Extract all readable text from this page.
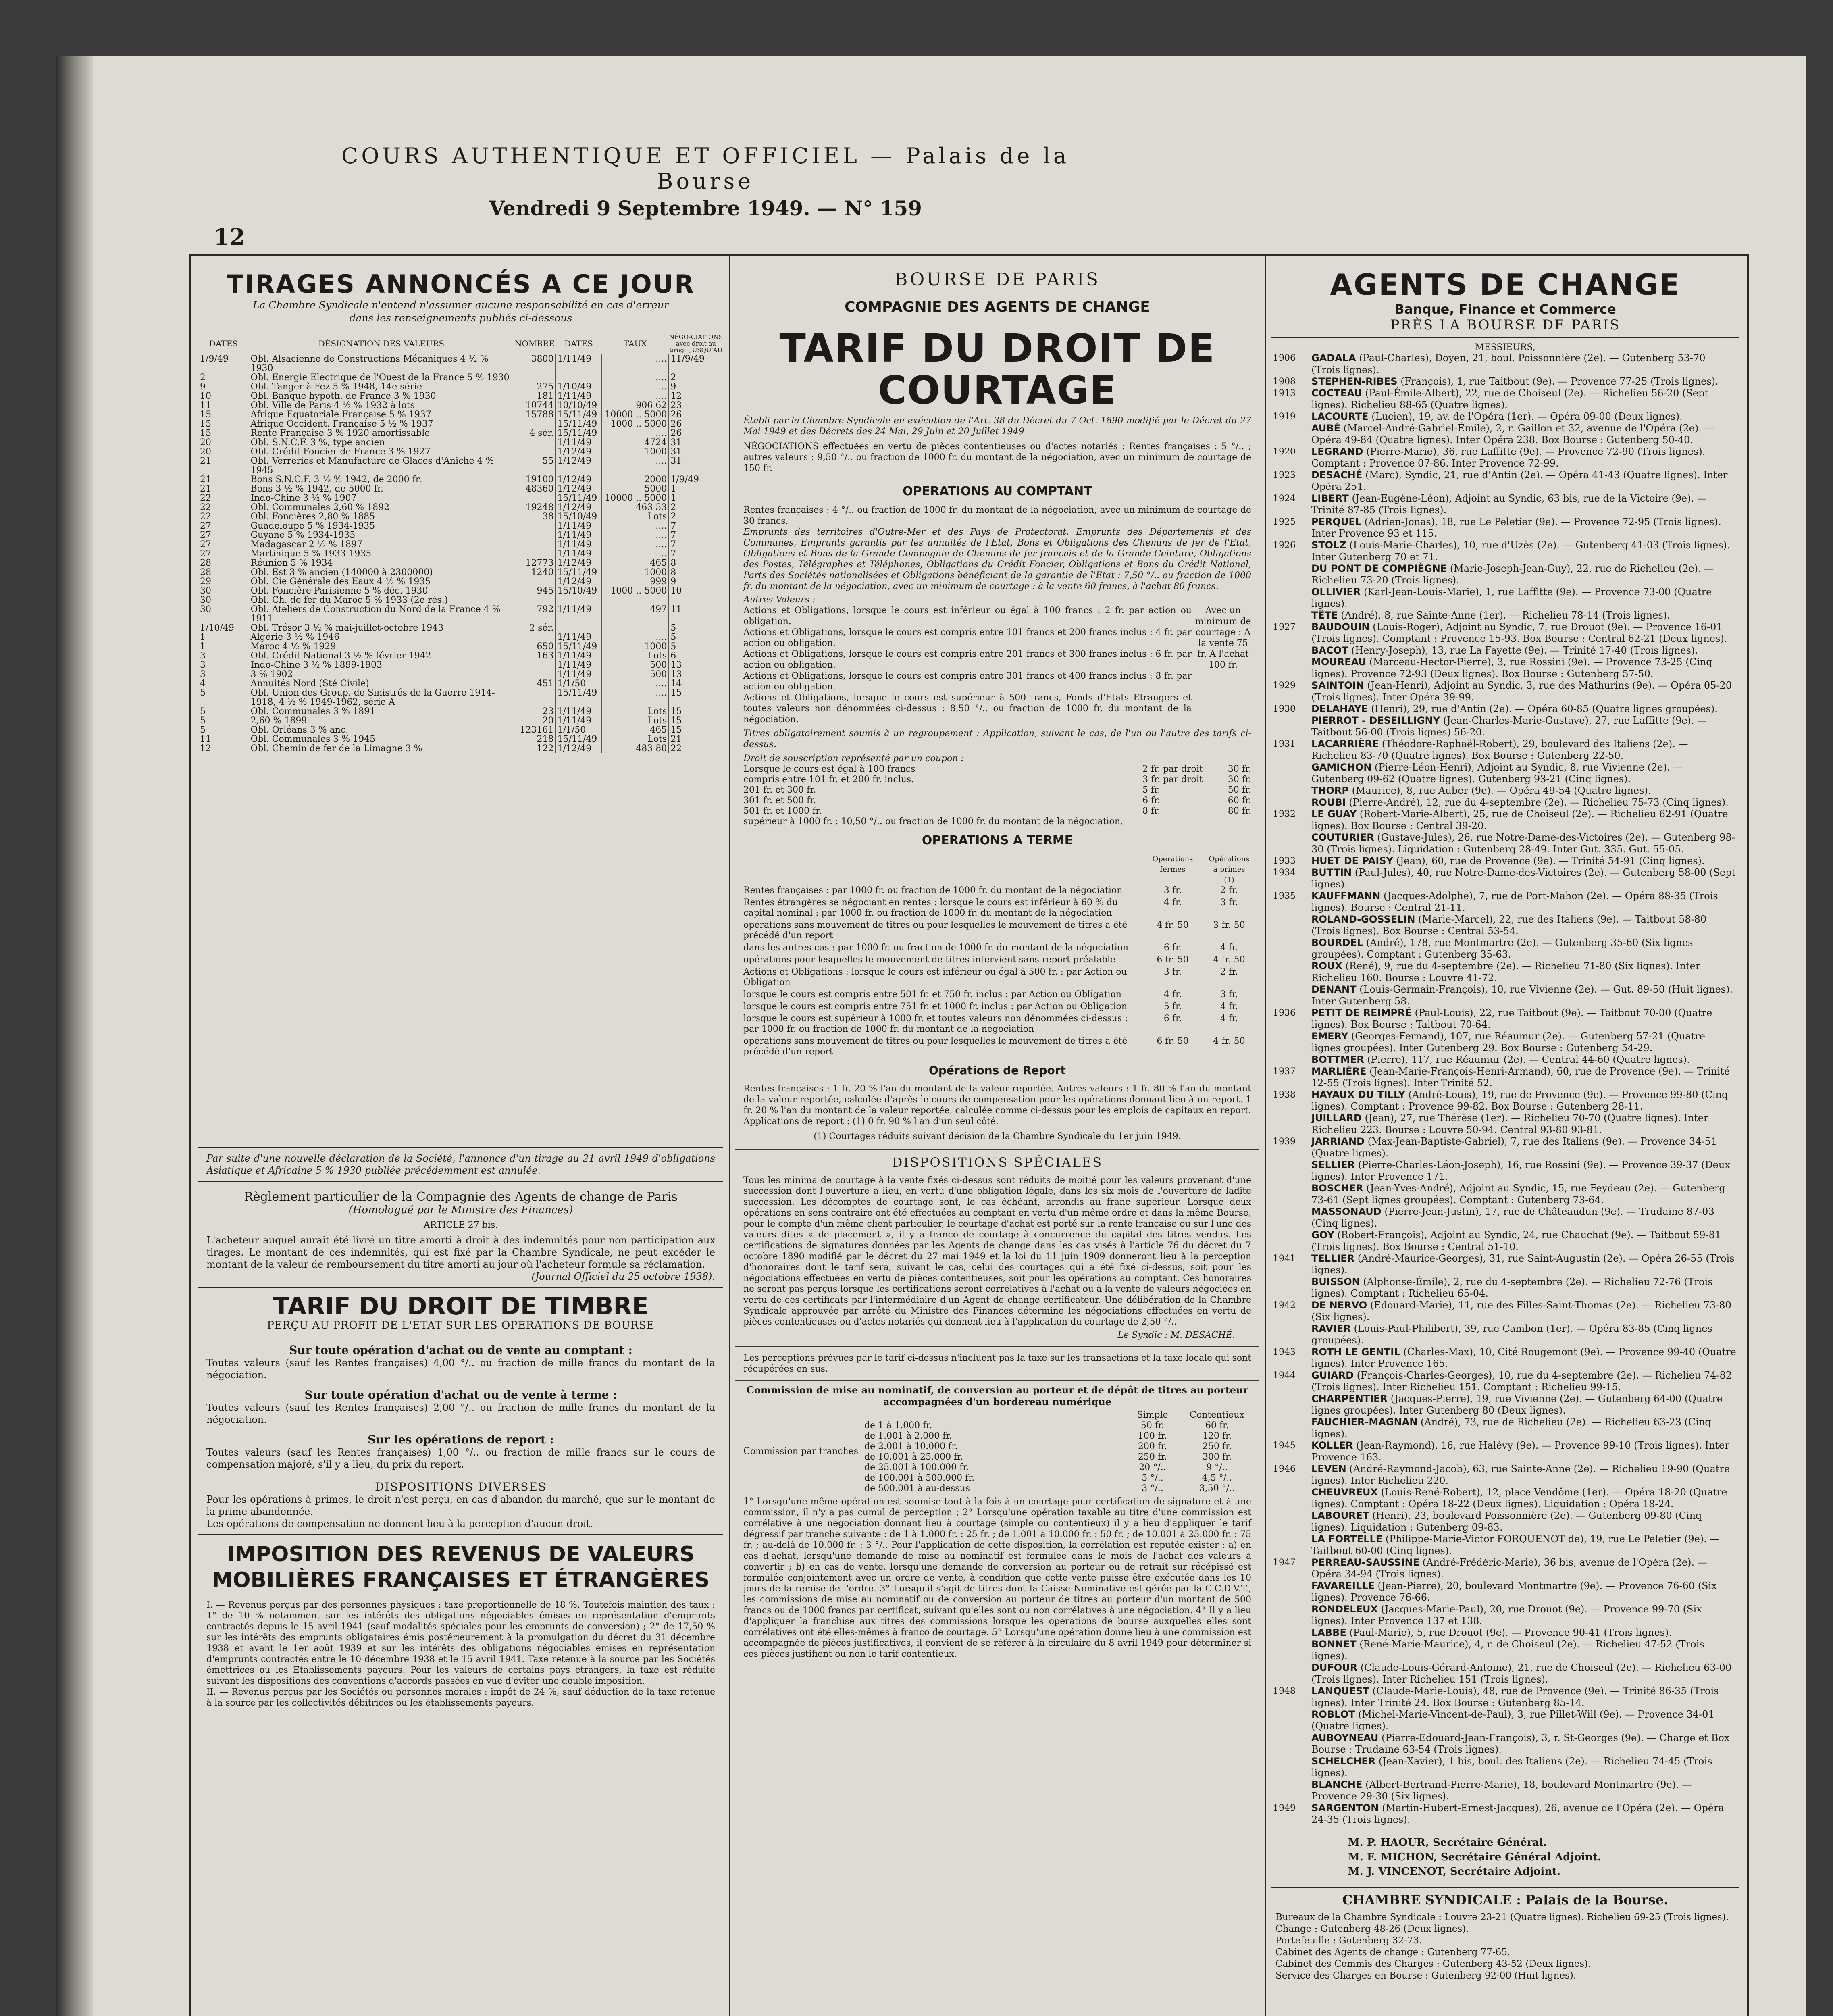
COURS AUTHENTIQUE ET OFFICIEL — Palais de la Bourse
Vendredi 9 Septembre 1949. — N° 159
12
TIRAGES ANNONCÉS A CE JOUR
La Chambre Syndicale n'entend n'assumer aucune responsabilité en cas d'erreur dans les renseignements publiés ci-dessous
DATES	DÉSIGNATION DES VALEURS	NOMBRE	DATES	TAUX	NÉGO-CIATIONS avec droit au tirage JUSQU'AU
1/9/49	Obl. Alsacienne de Constructions Mécaniques 4 ½ % 1930	3800	1/11/49	....	11/9/49
2	Obl. Energie Electrique de l'Ouest de la France 5 % 1930			....	2
9	Obl. Tanger à Fez 5 % 1948, 14e série	275	1/10/49	....	9
10	Obl. Banque hypoth. de France 3 % 1930	181	1/11/49	....	12
11	Obl. Ville de Paris 4 ½ % 1932 à lots	10744	10/10/49	906 62	23
15	Afrique Equatoriale Française 5 % 1937	15788	15/11/49	10000 .. 5000	26
15	Afrique Occident. Française 5 ½ % 1937		15/11/49	1000 .. 5000	26
15	Rente Française 3 % 1920 amortissable	4 sér.	15/11/49	....	26
20	Obl. S.N.C.F. 3 %, type ancien		1/11/49	4724	31
20	Obl. Crédit Foncier de France 3 % 1927		1/12/49	1000	31
21	Obl. Verreries et Manufacture de Glaces d'Aniche 4 % 1945	55	1/12/49	....	31
21	Bons S.N.C.F. 3 ½ % 1942, de 2000 fr.	19100	1/12/49	2000	1/9/49
21	Bons 3 ½ % 1942, de 5000 fr.	48360	1/12/49	5000	1
22	Indo-Chine 3 ½ % 1907		15/11/49	10000 .. 5000	1
22	Obl. Communales 2,60 % 1892	19248	1/12/49	463 53	2
22	Obl. Foncières 2,80 % 1885	38	15/10/49	Lots	2
27	Guadeloupe 5 % 1934-1935		1/11/49	....	7
27	Guyane 5 % 1934-1935		1/11/49	....	7
27	Madagascar 2 ½ % 1897		1/11/49	....	7
27	Martinique 5 % 1933-1935		1/11/49	....	7
28	Réunion 5 % 1934	12773	1/12/49	465	8
28	Obl. Est 3 % ancien (140000 à 2300000)	1240	15/11/49	1000	8
29	Obl. Cie Générale des Eaux 4 ½ % 1935		1/12/49	999	9
30	Obl. Foncière Parisienne 5 % déc. 1930	945	15/10/49	1000 .. 5000	10
30	Obl. Ch. de fer du Maroc 5 % 1933 (2e rés.)				
30	Obl. Ateliers de Construction du Nord de la France 4 % 1911	792	1/11/49	497	11
1/10/49	Obl. Trésor 3 ½ % mai-juillet-octobre 1943	2 sér.			5
1	Algérie 3 ½ % 1946		1/11/49	....	5
1	Maroc 4 ½ % 1929	650	15/11/49	1000	5
3	Obl. Crédit National 3 ½ % février 1942	163	1/11/49	Lots	6
3	Indo-Chine 3 ½ % 1899-1903		1/11/49	500	13
3	3 % 1902		1/11/49	500	13
4	Annuités Nord (Sté Civile)	451	1/1/50	....	14
5	Obl. Union des Group. de Sinistrés de la Guerre 1914-1918, 4 ½ % 1949-1962, série A		15/11/49	....	15
5	Obl. Communales 3 % 1891	23	1/11/49	Lots	15
5	2,60 % 1899	20	1/11/49	Lots	15
5	Obl. Orléans 3 % anc.	123161	1/1/50	465	15
11	Obl. Communales 3 % 1945	218	15/11/49	Lots	21
12	Obl. Chemin de fer de la Limagne 3 %	122	1/12/49	483 80	22

Par suite d'une nouvelle déclaration de la Société, l'annonce d'un tirage au 21 avril 1949 d'obligations Asiatique et Africaine 5 % 1930 publiée précédemment est annulée.

Règlement particulier de la Compagnie des Agents de change de Paris

(Homologué par le Ministre des Finances)

ARTICLE 27 bis.

L'acheteur auquel aurait été livré un titre amorti à droit à des indemnités pour non participation aux tirages. Le montant de ces indemnités, qui est fixé par la Chambre Syndicale, ne peut excéder le montant de la valeur de remboursement du titre amorti au jour où l'acheteur formule sa réclamation.

(Journal Officiel du 25 octobre 1938).

TARIF DU DROIT DE TIMBRE
PERÇU AU PROFIT DE L'ETAT SUR LES OPERATIONS DE BOURSE

Sur toute opération d'achat ou de vente au comptant :

Toutes valeurs (sauf les Rentes françaises) 4,00 °/.. ou fraction de mille francs du montant de la négociation.

Sur toute opération d'achat ou de vente à terme :

Toutes valeurs (sauf les Rentes françaises) 2,00 °/.. ou fraction de mille francs du montant de la négociation.

Sur les opérations de report :

Toutes valeurs (sauf les Rentes françaises) 1,00 °/.. ou fraction de mille francs sur le cours de compensation majoré, s'il y a lieu, du prix du report.

DISPOSITIONS DIVERSES

Pour les opérations à primes, le droit n'est perçu, en cas d'abandon du marché, que sur le montant de la prime abandonnée.

Les opérations de compensation ne donnent lieu à la perception d'aucun droit.

IMPOSITION DES REVENUS DE VALEURS MOBILIÈRES FRANÇAISES ET ÉTRANGÈRES

I. — Revenus perçus par des personnes physiques : taxe proportionnelle de 18 %. Toutefois maintien des taux : 1° de 10 % notamment sur les intérêts des obligations négociables émises en représentation d'emprunts contractés depuis le 15 avril 1941 (sauf modalités spéciales pour les emprunts de conversion) ; 2° de 17,50 % sur les intérêts des emprunts obligataires émis postérieurement à la promulgation du décret du 31 décembre 1938 et avant le 1er août 1939 et sur les intérêts des obligations négociables émises en représentation d'emprunts contractés entre le 10 décembre 1938 et le 15 avril 1941. Taxe retenue à la source par les Sociétés émettrices ou les Etablissements payeurs. Pour les valeurs de certains pays étrangers, la taxe est réduite suivant les dispositions des conventions d'accords passées en vue d'éviter une double imposition.

II. — Revenus perçus par les Sociétés ou personnes morales : impôt de 24 %, sauf déduction de la taxe retenue à la source par les collectivités débitrices ou les établissements payeurs.

BOURSE DE PARIS
COMPAGNIE DES AGENTS DE CHANGE
TARIF DU DROIT DE COURTAGE

Établi par la Chambre Syndicale en exécution de l'Art. 38 du Décret du 7 Oct. 1890 modifié par le Décret du 27 Mai 1949 et des Décrets des 24 Mai, 29 Juin et 20 Juillet 1949

NÉGOCIATIONS effectuées en vertu de pièces contentieuses ou d'actes notariés : Rentes françaises : 5 °/.. ; autres valeurs : 9,50 °/.. ou fraction de 1000 fr. du montant de la négociation, avec un minimum de courtage de 150 fr.

OPERATIONS AU COMPTANT

Rentes françaises : 4 °/.. ou fraction de 1000 fr. du montant de la négociation, avec un minimum de courtage de 30 francs.

Emprunts des territoires d'Outre-Mer et des Pays de Protectorat. Emprunts des Départements et des Communes, Emprunts garantis par les annuités de l'Etat, Bons et Obligations des Chemins de fer de l'Etat, Obligations et Bons de la Grande Compagnie de Chemins de fer français et de la Grande Ceinture, Obligations des Postes, Télégraphes et Téléphones, Obligations du Crédit Foncier, Obligations et Bons du Crédit National, Parts des Sociétés nationalisées et Obligations bénéficiant de la garantie de l'Etat : 7,50 °/.. ou fraction de 1000 fr. du montant de la négociation, avec un minimum de courtage : à la vente 60 francs, à l'achat 80 francs.

Autres Valeurs :

Actions et Obligations, lorsque le cours est inférieur ou égal à 100 francs : 2 fr. par action ou obligation.

Actions et Obligations, lorsque le cours est compris entre 101 francs et 200 francs inclus : 4 fr. par action ou obligation.

Actions et Obligations, lorsque le cours est compris entre 201 francs et 300 francs inclus : 6 fr. par action ou obligation.

Actions et Obligations, lorsque le cours est compris entre 301 francs et 400 francs inclus : 8 fr. par action ou obligation.

Actions et Obligations, lorsque le cours est supérieur à 500 francs, Fonds d'Etats Etrangers et toutes valeurs non dénommées ci-dessus : 8,50 °/.. ou fraction de 1000 fr. du montant de la négociation.

Avec un minimum de courtage : A la vente 75 fr. A l'achat 100 fr.

Titres obligatoirement soumis à un regroupement : Application, suivant le cas, de l'un ou l'autre des tarifs ci-dessus.

Droit de souscription représenté par un coupon :

Lorsque le cours est égal à 100 francs	2 fr. par droit	30 fr.
compris entre 101 fr. et 200 fr. inclus.	3 fr. par droit	30 fr.
201 fr. et 300 fr.	5 fr.	50 fr.
301 fr. et 500 fr.	6 fr.	60 fr.
501 fr. et 1000 fr.	8 fr.	80 fr.
supérieur à 1000 fr. : 10,50 °/.. ou fraction de 1000 fr. du montant de la négociation.
OPERATIONS A TERME
Opérations fermes
Opérations à primes (1)
Rentes françaises : par 1000 fr. ou fraction de 1000 fr. du montant de la négociation	3 fr.	2 fr.
Rentes étrangères se négociant en rentes : lorsque le cours est inférieur à 60 % du capital nominal : par 1000 fr. ou fraction de 1000 fr. du montant de la négociation
4 fr.	3 fr.
opérations sans mouvement de titres ou pour lesquelles le mouvement de titres a été précédé d'un report
4 fr. 50	3 fr. 50
dans les autres cas : par 1000 fr. ou fraction de 1000 fr. du montant de la négociation	6 fr.	4 fr.
opérations pour lesquelles le mouvement de titres intervient sans report préalable	6 fr. 50	4 fr. 50
Actions et Obligations : lorsque le cours est inférieur ou égal à 500 fr. : par Action ou Obligation
3 fr.	2 fr.
lorsque le cours est compris entre 501 fr. et 750 fr. inclus : par Action ou Obligation	4 fr.	3 fr.
lorsque le cours est compris entre 751 fr. et 1000 fr. inclus : par Action ou Obligation	5 fr.	4 fr.
lorsque le cours est supérieur à 1000 fr. et toutes valeurs non dénommées ci-dessus : par 1000 fr. ou fraction de 1000 fr. du montant de la négociation
6 fr.	4 fr.
opérations sans mouvement de titres ou pour lesquelles le mouvement de titres a été précédé d'un report
6 fr. 50	4 fr. 50
Opérations de Report

Rentes françaises : 1 fr. 20 % l'an du montant de la valeur reportée. Autres valeurs : 1 fr. 80 % l'an du montant de la valeur reportée, calculée d'après le cours de compensation pour les opérations donnant lieu à un report. 1 fr. 20 % l'an du montant de la valeur reportée, calculée comme ci-dessus pour les emplois de capitaux en report. Applications de report : (1) 0 fr. 90 % l'an d'un seul côté.

(1) Courtages réduits suivant décision de la Chambre Syndicale du 1er juin 1949.

DISPOSITIONS SPÉCIALES

Tous les minima de courtage à la vente fixés ci-dessus sont réduits de moitié pour les valeurs provenant d'une succession dont l'ouverture a lieu, en vertu d'une obligation légale, dans les six mois de l'ouverture de ladite succession. Les décomptes de courtage sont, le cas échéant, arrondis au franc supérieur. Lorsque deux opérations en sens contraire ont été effectuées au comptant en vertu d'un même ordre et dans la même Bourse, pour le compte d'un même client particulier, le courtage d'achat est porté sur la rente française ou sur l'une des valeurs dites « de placement », il y a franco de courtage à concurrence du capital des titres vendus. Les certifications de signatures données par les Agents de change dans les cas visés à l'article 76 du décret du 7 octobre 1890 modifié par le décret du 27 mai 1949 et la loi du 11 juin 1909 donneront lieu à la perception d'honoraires dont le tarif sera, suivant le cas, celui des courtages qui a été fixé ci-dessus, soit pour les négociations effectuées en vertu de pièces contentieuses, soit pour les opérations au comptant. Ces honoraires ne seront pas perçus lorsque les certifications seront corrélatives à l'achat ou à la vente de valeurs négociées en vertu de ces certificats par l'intermédiaire d'un Agent de change certificateur. Une délibération de la Chambre Syndicale approuvée par arrêté du Ministre des Finances détermine les négociations effectuées en vertu de pièces contentieuses ou d'actes notariés qui donnent lieu à l'application du courtage de 2,50 °/..

Le Syndic : M. DESACHÉ.

Les perceptions prévues par le tarif ci-dessus n'incluent pas la taxe sur les transactions et la taxe locale qui sont récupérées en sus.

Commission de mise au nominatif, de conversion au porteur et de dépôt de titres au porteur accompagnées d'un bordereau numérique

Commission par tranches
Simple	Contentieux
de 1 à 1.000 fr.	50 fr.	60 fr.
de 1.001 à 2.000 fr.	100 fr.	120 fr.
de 2.001 à 10.000 fr.	200 fr.	250 fr.
de 10.001 à 25.000 fr.	250 fr.	300 fr.
de 25.001 à 100.000 fr.	20 °/..	9 °/..
de 100.001 à 500.000 fr.	5 °/..	4,5 °/..
de 500.001 à au-dessus	3 °/..	3,50 °/..

1° Lorsqu'une même opération est soumise tout à la fois à un courtage pour certification de signature et à une commission, il n'y a pas cumul de perception ; 2° Lorsqu'une opération taxable au titre d'une commission est corrélative à une négociation donnant lieu à courtage (simple ou contentieux) il y a lieu d'appliquer le tarif dégressif par tranche suivante : de 1 à 1.000 fr. : 25 fr. ; de 1.001 à 10.000 fr. : 50 fr. ; de 10.001 à 25.000 fr. : 75 fr. ; au-delà de 10.000 fr. : 3 °/.. Pour l'application de cette disposition, la corrélation est réputée exister : a) en cas d'achat, lorsqu'une demande de mise au nominatif est formulée dans le mois de l'achat des valeurs à convertir ; b) en cas de vente, lorsqu'une demande de conversion au porteur ou de retrait sur récépissé est formulée conjointement avec un ordre de vente, à condition que cette vente puisse être exécutée dans les 10 jours de la remise de l'ordre. 3° Lorsqu'il s'agit de titres dont la Caisse Nominative est gérée par la C.C.D.V.T., les commissions de mise au nominatif ou de conversion au porteur de titres au porteur d'un montant de 500 francs ou de 1000 francs par certificat, suivant qu'elles sont ou non corrélatives à une négociation. 4° Il y a lieu d'appliquer la franchise aux titres des commissions lorsque les opérations de bourse auxquelles elles sont corrélatives ont été elles-mêmes à franco de courtage. 5° Lorsqu'une opération donne lieu à une commission est accompagnée de pièces justificatives, il convient de se référer à la circulaire du 8 avril 1949 pour déterminer si ces pièces justifient ou non le tarif contentieux.

AGENTS DE CHANGE
Banque, Finance et Commerce
PRÈS LA BOURSE DE PARIS
MESSIEURS,
1906 GADALA (Paul-Charles), Doyen, 21, boul. Poissonnière (2e). — Gutenberg 53-70 (Trois lignes).
1908 STEPHEN-RIBES (François), 1, rue Taitbout (9e). — Provence 77-25 (Trois lignes).
1913 COCTEAU (Paul-Émile-Albert), 22, rue de Choiseul (2e). — Richelieu 56-20 (Sept lignes). Richelieu 88-65 (Quatre lignes).
1919 LACOURTE (Lucien), 19, av. de l'Opéra (1er). — Opéra 09-00 (Deux lignes).
AUBÉ (Marcel-André-Gabriel-Émile), 2, r. Gaillon et 32, avenue de l'Opéra (2e). — Opéra 49-84 (Quatre lignes). Inter Opéra 238. Box Bourse : Gutenberg 50-40.
1920 LEGRAND (Pierre-Marie), 36, rue Laffitte (9e). — Provence 72-90 (Trois lignes). Comptant : Provence 07-86. Inter Provence 72-99.
1923 DESACHÉ (Marc), Syndic, 21, rue d'Antin (2e). — Opéra 41-43 (Quatre lignes). Inter Opéra 251.
1924 LIBERT (Jean-Eugène-Léon), Adjoint au Syndic, 63 bis, rue de la Victoire (9e). — Trinité 87-85 (Trois lignes).
1925 PERQUEL (Adrien-Jonas), 18, rue Le Peletier (9e). — Provence 72-95 (Trois lignes). Inter Provence 93 et 115.
1926 STOLZ (Louis-Marie-Charles), 10, rue d'Uzès (2e). — Gutenberg 41-03 (Trois lignes). Inter Gutenberg 70 et 71.
DU PONT DE COMPIÈGNE (Marie-Joseph-Jean-Guy), 22, rue de Richelieu (2e). — Richelieu 73-20 (Trois lignes).
OLLIVIER (Karl-Jean-Louis-Marie), 1, rue Laffitte (9e). — Provence 73-00 (Quatre lignes).
TÊTE (André), 8, rue Sainte-Anne (1er). — Richelieu 78-14 (Trois lignes).
1927 BAUDOUIN (Louis-Roger), Adjoint au Syndic, 7, rue Drouot (9e). — Provence 16-01 (Trois lignes). Comptant : Provence 15-93. Box Bourse : Central 62-21 (Deux lignes).
BACOT (Henry-Joseph), 13, rue La Fayette (9e). — Trinité 17-40 (Trois lignes).
MOUREAU (Marceau-Hector-Pierre), 3, rue Rossini (9e). — Provence 73-25 (Cinq lignes). Provence 72-93 (Deux lignes). Box Bourse : Gutenberg 57-50.
1929 SAINTOIN (Jean-Henri), Adjoint au Syndic, 3, rue des Mathurins (9e). — Opéra 05-20 (Trois lignes). Inter Opéra 39-99.
1930 DELAHAYE (Henri), 29, rue d'Antin (2e). — Opéra 60-85 (Quatre lignes groupées).
PIERROT - DESEILLIGNY (Jean-Charles-Marie-Gustave), 27, rue Laffitte (9e). — Taitbout 56-00 (Trois lignes) 56-20.
1931 LACARRIÈRE (Théodore-Raphaël-Robert), 29, boulevard des Italiens (2e). — Richelieu 83-70 (Quatre lignes). Box Bourse : Gutenberg 22-50.
GAMICHON (Pierre-Léon-Henri), Adjoint au Syndic, 8, rue Vivienne (2e). — Gutenberg 09-62 (Quatre lignes). Gutenberg 93-21 (Cinq lignes).
THORP (Maurice), 8, rue Auber (9e). — Opéra 49-54 (Quatre lignes).
ROUBI (Pierre-André), 12, rue du 4-septembre (2e). — Richelieu 75-73 (Cinq lignes).
1932 LE GUAY (Robert-Marie-Albert), 25, rue de Choiseul (2e). — Richelieu 62-91 (Quatre lignes). Box Bourse : Central 39-20.
COUTURIER (Gustave-Jules), 26, rue Notre-Dame-des-Victoires (2e). — Gutenberg 98-30 (Trois lignes). Liquidation : Gutenberg 28-49. Inter Gut. 335. Gut. 55-05.
1933 HUET DE PAISY (Jean), 60, rue de Provence (9e). — Trinité 54-91 (Cinq lignes).
1934 BUTTIN (Paul-Jules), 40, rue Notre-Dame-des-Victoires (2e). — Gutenberg 58-00 (Sept lignes).
1935 KAUFFMANN (Jacques-Adolphe), 7, rue de Port-Mahon (2e). — Opéra 88-35 (Trois lignes). Bourse : Central 21-11.
ROLAND-GOSSELIN (Marie-Marcel), 22, rue des Italiens (9e). — Taitbout 58-80 (Trois lignes). Box Bourse : Central 53-54.
BOURDEL (André), 178, rue Montmartre (2e). — Gutenberg 35-60 (Six lignes groupées). Comptant : Gutenberg 35-63.
ROUX (René), 9, rue du 4-septembre (2e). — Richelieu 71-80 (Six lignes). Inter Richelieu 160. Bourse : Louvre 41-72.
DENANT (Louis-Germain-François), 10, rue Vivienne (2e). — Gut. 89-50 (Huit lignes). Inter Gutenberg 58.
1936 PETIT DE REIMPRÉ (Paul-Louis), 22, rue Taitbout (9e). — Taitbout 70-00 (Quatre lignes). Box Bourse : Taitbout 70-64.
EMERY (Georges-Fernand), 107, rue Réaumur (2e). — Gutenberg 57-21 (Quatre lignes groupées). Inter Gutenberg 29. Box Bourse : Gutenberg 54-29.
BOTTMER (Pierre), 117, rue Réaumur (2e). — Central 44-60 (Quatre lignes).
1937 MARLIÈRE (Jean-Marie-François-Henri-Armand), 60, rue de Provence (9e). — Trinité 12-55 (Trois lignes). Inter Trinité 52.
1938 HAYAUX DU TILLY (André-Louis), 19, rue de Provence (9e). — Provence 99-80 (Cinq lignes). Comptant : Provence 99-82. Box Bourse : Gutenberg 28-11.
JUILLARD (Jean), 27, rue Thérèse (1er). — Richelieu 70-70 (Quatre lignes). Inter Richelieu 223. Bourse : Louvre 50-94. Central 93-80 93-81.
1939 JARRIAND (Max-Jean-Baptiste-Gabriel), 7, rue des Italiens (9e). — Provence 34-51 (Quatre lignes).
SELLIER (Pierre-Charles-Léon-Joseph), 16, rue Rossini (9e). — Provence 39-37 (Deux lignes). Inter Provence 171.
BOSCHER (Jean-Yves-André), Adjoint au Syndic, 15, rue Feydeau (2e). — Gutenberg 73-61 (Sept lignes groupées). Comptant : Gutenberg 73-64.
MASSONAUD (Pierre-Jean-Justin), 17, rue de Châteaudun (9e). — Trudaine 87-03 (Cinq lignes).
GOY (Robert-François), Adjoint au Syndic, 24, rue Chauchat (9e). — Taitbout 59-81 (Trois lignes). Box Bourse : Central 51-10.
1941 TELLIER (André-Maurice-Georges), 31, rue Saint-Augustin (2e). — Opéra 26-55 (Trois lignes).
BUISSON (Alphonse-Émile), 2, rue du 4-septembre (2e). — Richelieu 72-76 (Trois lignes). Comptant : Richelieu 65-04.
1942 DE NERVO (Edouard-Marie), 11, rue des Filles-Saint-Thomas (2e). — Richelieu 73-80 (Six lignes).
RAVIER (Louis-Paul-Philibert), 39, rue Cambon (1er). — Opéra 83-85 (Cinq lignes groupées).
1943 ROTH LE GENTIL (Charles-Max), 10, Cité Rougemont (9e). — Provence 99-40 (Quatre lignes). Inter Provence 165.
1944 GUIARD (François-Charles-Georges), 10, rue du 4-septembre (2e). — Richelieu 74-82 (Trois lignes). Inter Richelieu 151. Comptant : Richelieu 99-15.
CHARPENTIER (Jacques-Pierre), 19, rue Vivienne (2e). — Gutenberg 64-00 (Quatre lignes groupées). Inter Gutenberg 80 (Deux lignes).
FAUCHIER-MAGNAN (André), 73, rue de Richelieu (2e). — Richelieu 63-23 (Cinq lignes).
1945 KOLLER (Jean-Raymond), 16, rue Halévy (9e). — Provence 99-10 (Trois lignes). Inter Provence 163.
1946 LEVEN (André-Raymond-Jacob), 63, rue Sainte-Anne (2e). — Richelieu 19-90 (Quatre lignes). Inter Richelieu 220.
CHEUVREUX (Louis-René-Robert), 12, place Vendôme (1er). — Opéra 18-20 (Quatre lignes). Comptant : Opéra 18-22 (Deux lignes). Liquidation : Opéra 18-24.
LABOURET (Henri), 23, boulevard Poissonnière (2e). — Gutenberg 09-80 (Cinq lignes). Liquidation : Gutenberg 09-83.
LA FORTELLE (Philippe-Marie-Victor FORQUENOT de), 19, rue Le Peletier (9e). — Taitbout 60-00 (Cinq lignes).
1947 PERREAU-SAUSSINE (André-Frédéric-Marie), 36 bis, avenue de l'Opéra (2e). — Opéra 34-94 (Trois lignes).
FAVAREILLE (Jean-Pierre), 20, boulevard Montmartre (9e). — Provence 76-60 (Six lignes). Provence 76-66.
RONDELEUX (Jacques-Marie-Paul), 20, rue Drouot (9e). — Provence 99-70 (Six lignes). Inter Provence 137 et 138.
LABBE (Paul-Marie), 5, rue Drouot (9e). — Provence 90-41 (Trois lignes).
BONNET (René-Marie-Maurice), 4, r. de Choiseul (2e). — Richelieu 47-52 (Trois lignes).
DUFOUR (Claude-Louis-Gérard-Antoine), 21, rue de Choiseul (2e). — Richelieu 63-00 (Trois lignes). Inter Richelieu 151 (Trois lignes).
1948 LANQUEST (Claude-Marie-Louis), 48, rue de Provence (9e). — Trinité 86-35 (Trois lignes). Inter Trinité 24. Box Bourse : Gutenberg 85-14.
ROBLOT (Michel-Marie-Vincent-de-Paul), 3, rue Pillet-Will (9e). — Provence 34-01 (Quatre lignes).
AUBOYNEAU (Pierre-Edouard-Jean-François), 3, r. St-Georges (9e). — Charge et Box Bourse : Trudaine 63-54 (Trois lignes).
SCHELCHER (Jean-Xavier), 1 bis, boul. des Italiens (2e). — Richelieu 74-45 (Trois lignes).
BLANCHE (Albert-Bertrand-Pierre-Marie), 18, boulevard Montmartre (9e). — Provence 29-30 (Six lignes).
1949 SARGENTON (Martin-Hubert-Ernest-Jacques), 26, avenue de l'Opéra (2e). — Opéra 24-35 (Trois lignes).
M. P. HAOUR, Secrétaire Général.
M. F. MICHON, Secrétaire Général Adjoint.
M. J. VINCENOT, Secrétaire Adjoint.
CHAMBRE SYNDICALE : Palais de la Bourse.
Bureaux de la Chambre Syndicale : Louvre 23-21 (Quatre lignes). Richelieu 69-25 (Trois lignes).
Change : Gutenberg 48-26 (Deux lignes).
Portefeuille : Gutenberg 32-73.
Cabinet des Agents de change : Gutenberg 77-65.
Cabinet des Commis des Charges : Gutenberg 43-52 (Deux lignes).
Service des Charges en Bourse : Gutenberg 92-00 (Huit lignes).
